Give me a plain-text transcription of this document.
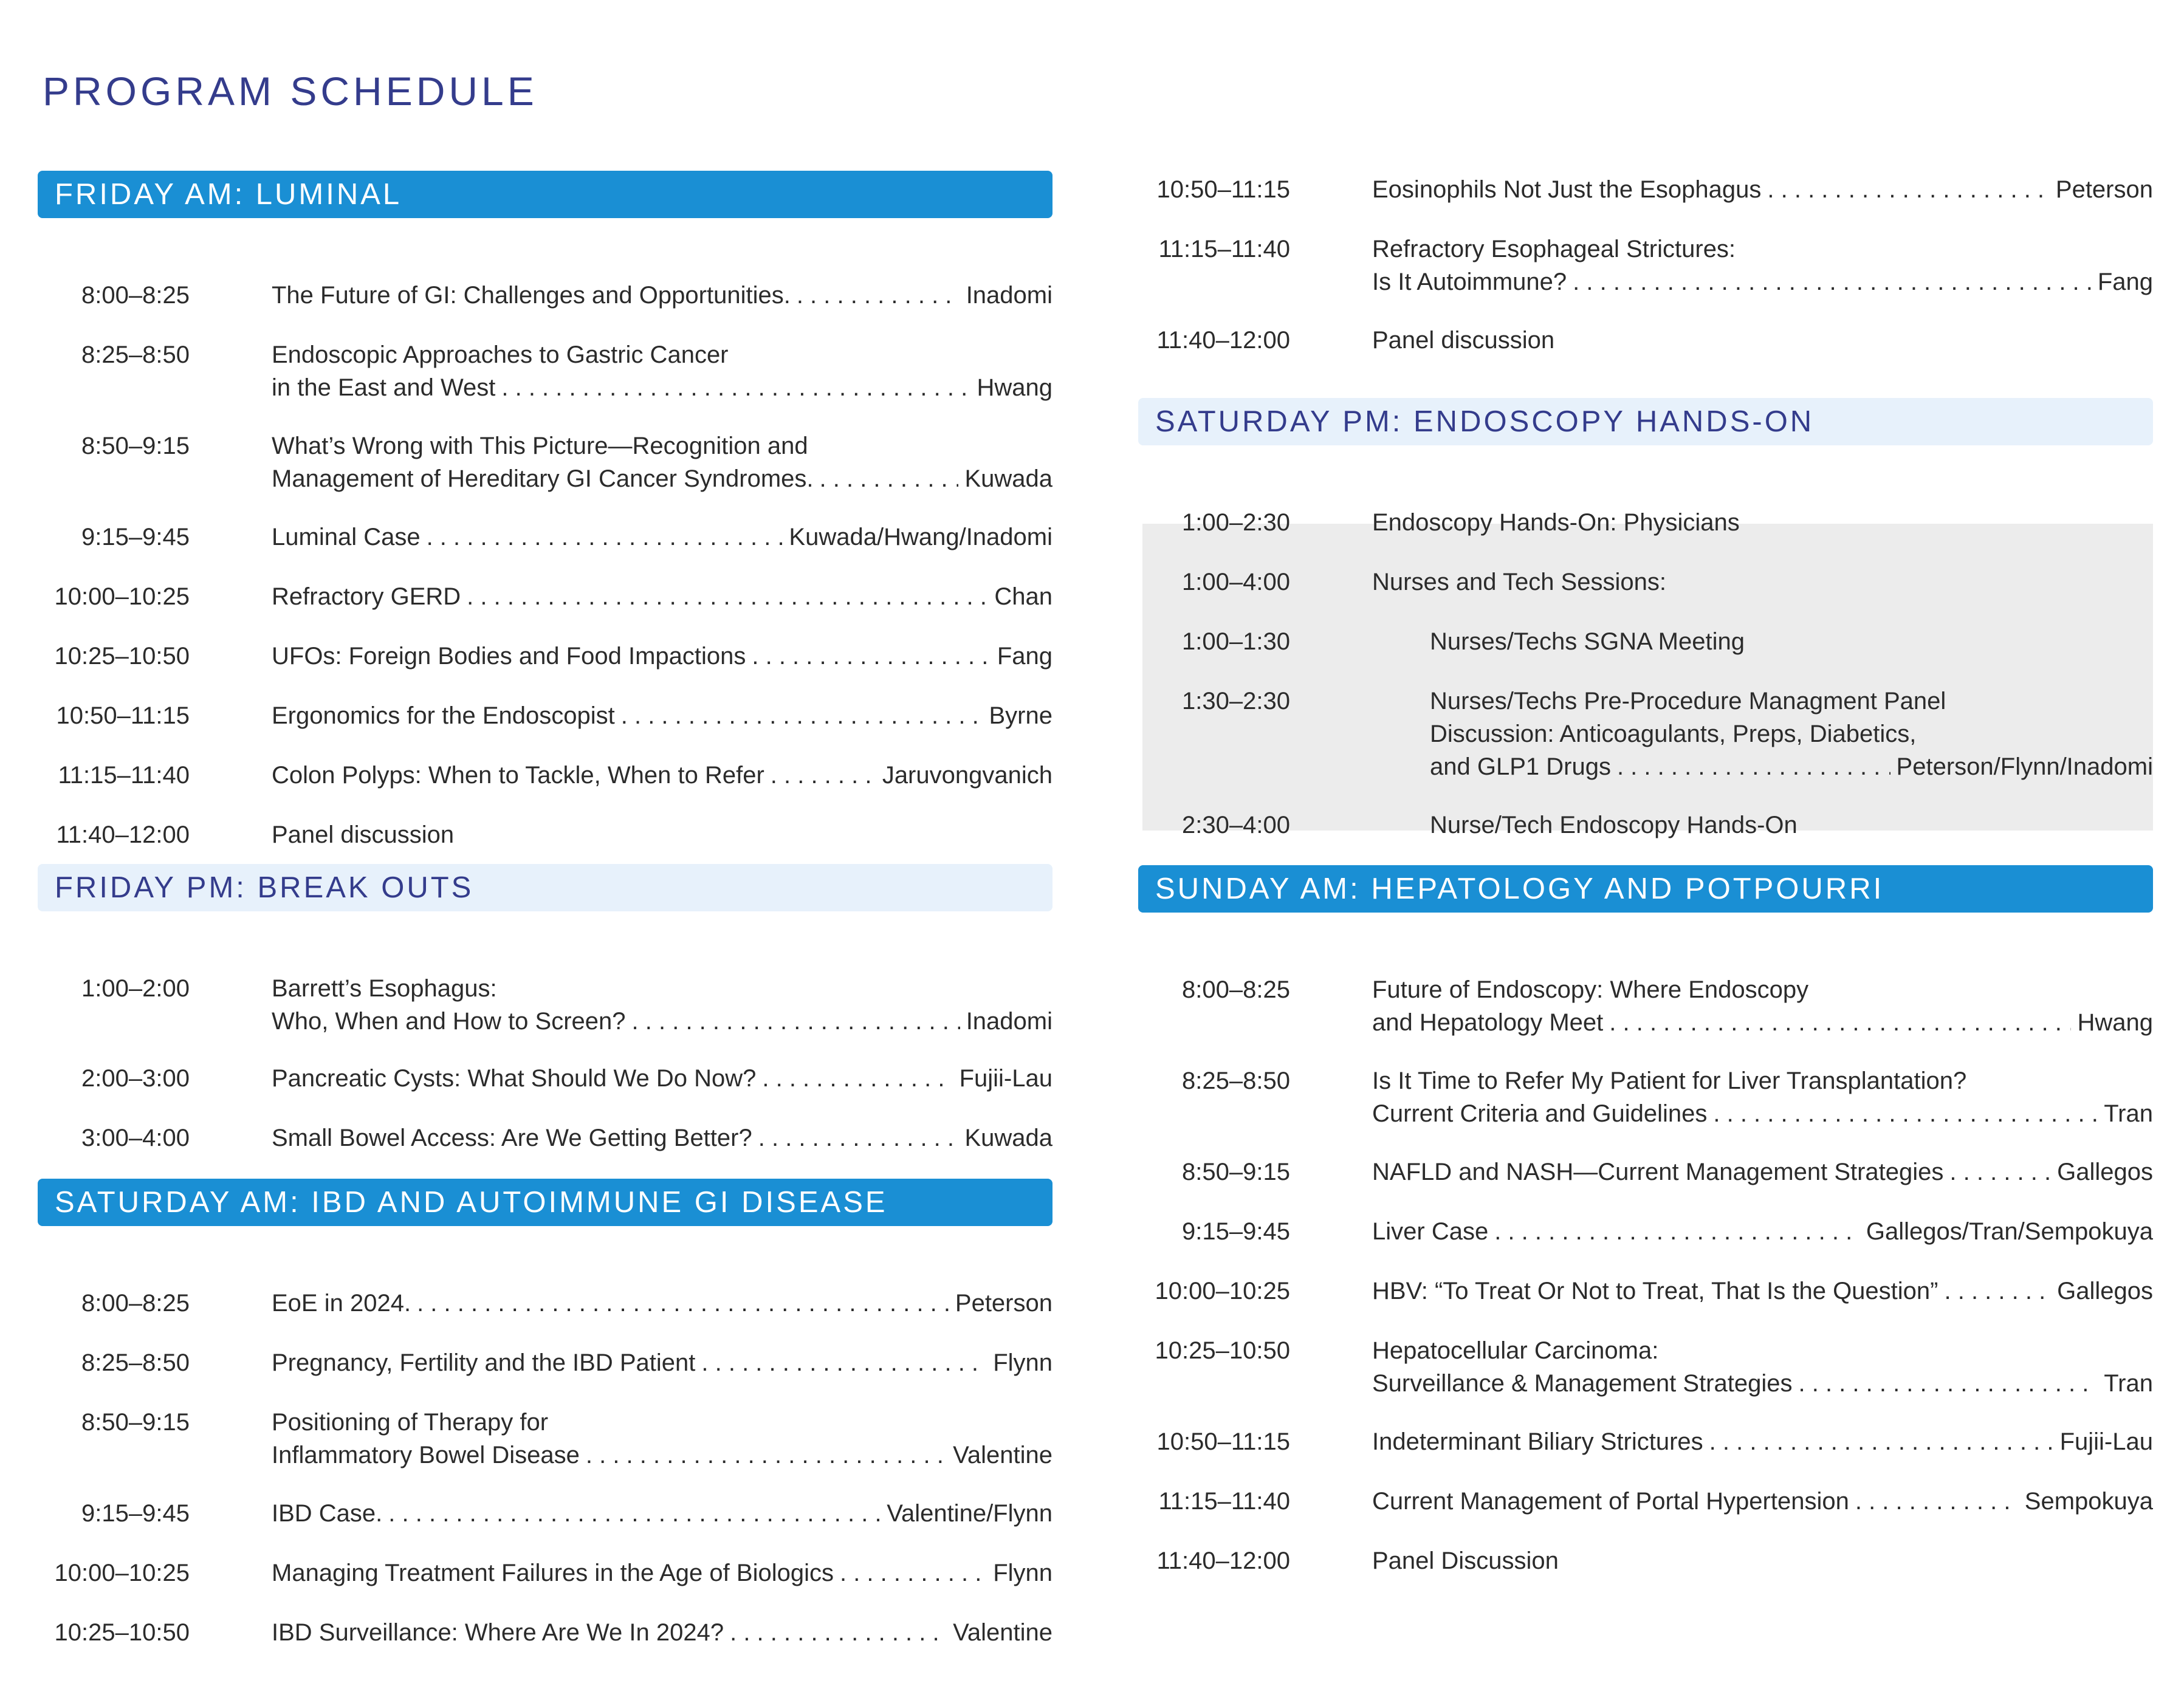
PROGRAM SCHEDULE
FRIDAY AM: LUMINAL
8:00–8:25	The Future of GI: Challenges and Opportunities. . . .	Inadomi
8:25–8:50	Endoscopic Approaches to Gastric Cancer
in the East and West . . .	Hwang
8:50–9:15	What’s Wrong with This Picture—Recognition and
Management of Hereditary GI Cancer Syndromes. . . .	Kuwada
9:15–9:45	Luminal Case . . .	Kuwada/Hwang/Inadomi
10:00–10:25	Refractory GERD . . .	Chan
10:25–10:50	UFOs: Foreign Bodies and Food Impactions . . .	Fang
10:50–11:15	Ergonomics for the Endoscopist . . .	Byrne
11:15–11:40	Colon Polyps: When to Tackle, When to Refer . . .	Jaruvongvanich
11:40–12:00	Panel discussion
FRIDAY PM: BREAK OUTS
1:00–2:00	Barrett’s Esophagus:
Who, When and How to Screen? . . .	Inadomi
2:00–3:00	Pancreatic Cysts: What Should We Do Now? . . .	Fujii-Lau
3:00–4:00	Small Bowel Access: Are We Getting Better? . . .	Kuwada
SATURDAY AM: IBD AND AUTOIMMUNE GI DISEASE
8:00–8:25	EoE in 2024. . . .	Peterson
8:25–8:50	Pregnancy, Fertility and the IBD Patient . . .	Flynn
8:50–9:15	Positioning of Therapy for
Inflammatory Bowel Disease . . .	Valentine
9:15–9:45	IBD Case. . . .	Valentine/Flynn
10:00–10:25	Managing Treatment Failures in the Age of Biologics . . .	Flynn
10:25–10:50	IBD Surveillance: Where Are We In 2024? . . .	Valentine
10:50–11:15	Eosinophils Not Just the Esophagus . . .	Peterson
11:15–11:40	Refractory Esophageal Strictures:
Is It Autoimmune? . . .	Fang
11:40–12:00	Panel discussion
SATURDAY PM: ENDOSCOPY HANDS-ON
1:00–2:30	Endoscopy Hands-On: Physicians
1:00–4:00	Nurses and Tech Sessions:
1:00–1:30	Nurses/Techs SGNA Meeting
1:30–2:30	Nurses/Techs Pre-Procedure Managment Panel
Discussion: Anticoagulants, Preps, Diabetics,
and GLP1 Drugs . . .	Peterson/Flynn/Inadomi
2:30–4:00	Nurse/Tech Endoscopy Hands-On
SUNDAY AM: HEPATOLOGY AND POTPOURRI
8:00–8:25	Future of Endoscopy: Where Endoscopy
and Hepatology Meet . . .	Hwang
8:25–8:50	Is It Time to Refer My Patient for Liver Transplantation?
Current Criteria and Guidelines . . .	Tran
8:50–9:15	NAFLD and NASH—Current Management Strategies . . .	Gallegos
9:15–9:45	Liver Case . . .	Gallegos/Tran/Sempokuya
10:00–10:25	HBV: “To Treat Or Not to Treat, That Is the Question” . . .	Gallegos
10:25–10:50	Hepatocellular Carcinoma:
Surveillance & Management Strategies . . .	Tran
10:50–11:15	Indeterminant Biliary Strictures . . .	Fujii-Lau
11:15–11:40	Current Management of Portal Hypertension . . .	Sempokuya
11:40–12:00	Panel Discussion
